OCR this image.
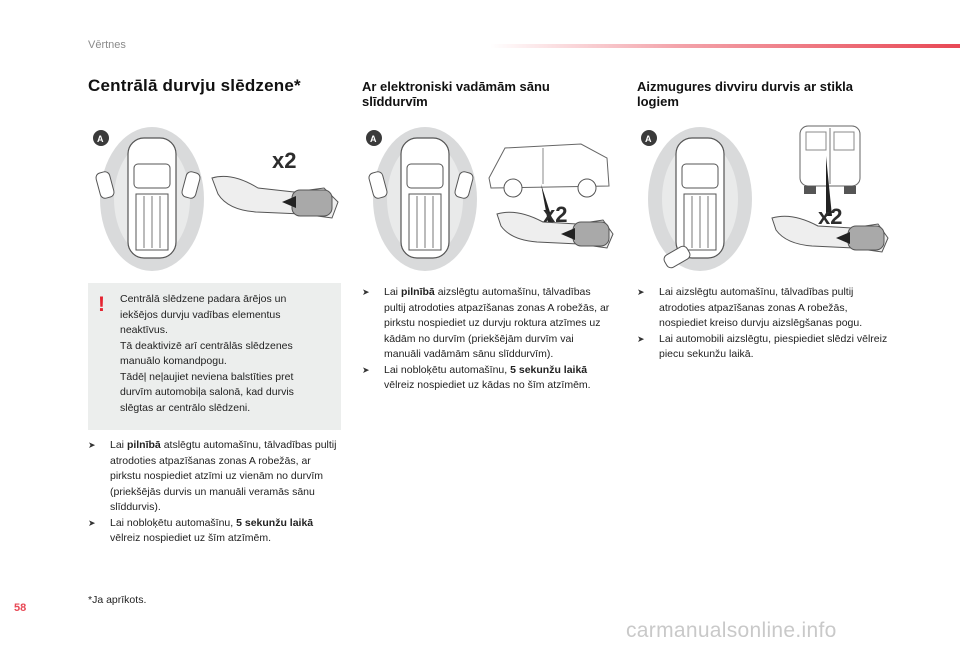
Vērtnes
Centrālā durvju slēdzene*
x2
A
! Centrālā slēdzene padara ārējos un
iekšējos durvju vadības elementus
neaktīvus.
Tā deaktivizē arī centrālās slēdzenes
manuālo komandpogu.
Tādēļ neļaujiet neviena balstīties pret
durvīm automobiļa salonā, kad durvis
slēgtas ar centrālo slēdzeni.

➤ Lai pilnībā atslēgtu automašīnu, tālvadības pultij atrodoties atpazīšanas zonas A robežās, ar pirkstu nospiediet atzīmi uz vienām no durvīm (priekšējās durvis un manuāli veramās sānu slīddurvis).
➤ Lai nobloķētu automašīnu, 5 sekunžu laikā vēlreiz nospiediet uz šīm atzīmēm.
Ar elektroniski vadāmām sānu slīddurvīm
x2
A
➤ Lai pilnībā aizslēgtu automašīnu, tālvadības pultij atrodoties atpazīšanas zonas A robežās, ar pirkstu nospiediet uz durvju roktura atzīmes uz kādām no durvīm (priekšējām durvīm vai manuāli vadāmām sānu slīddurvīm).
➤ Lai nobloķētu automašīnu, 5 sekunžu laikā vēlreiz nospiediet uz kādas no šīm atzīmēm.
Aizmugures divviru durvis ar stikla logiem
x2
A
➤ Lai aizslēgtu automašīnu, tālvadības pultij atrodoties atpazīšanas zonas A robežās, nospiediet kreiso durvju aizslēgšanas pogu.
➤ Lai automobili aizslēgtu, piespiediet slēdzi vēlreiz piecu sekunžu laikā.
*Ja aprīkots.
58
carmanualsonline.info
